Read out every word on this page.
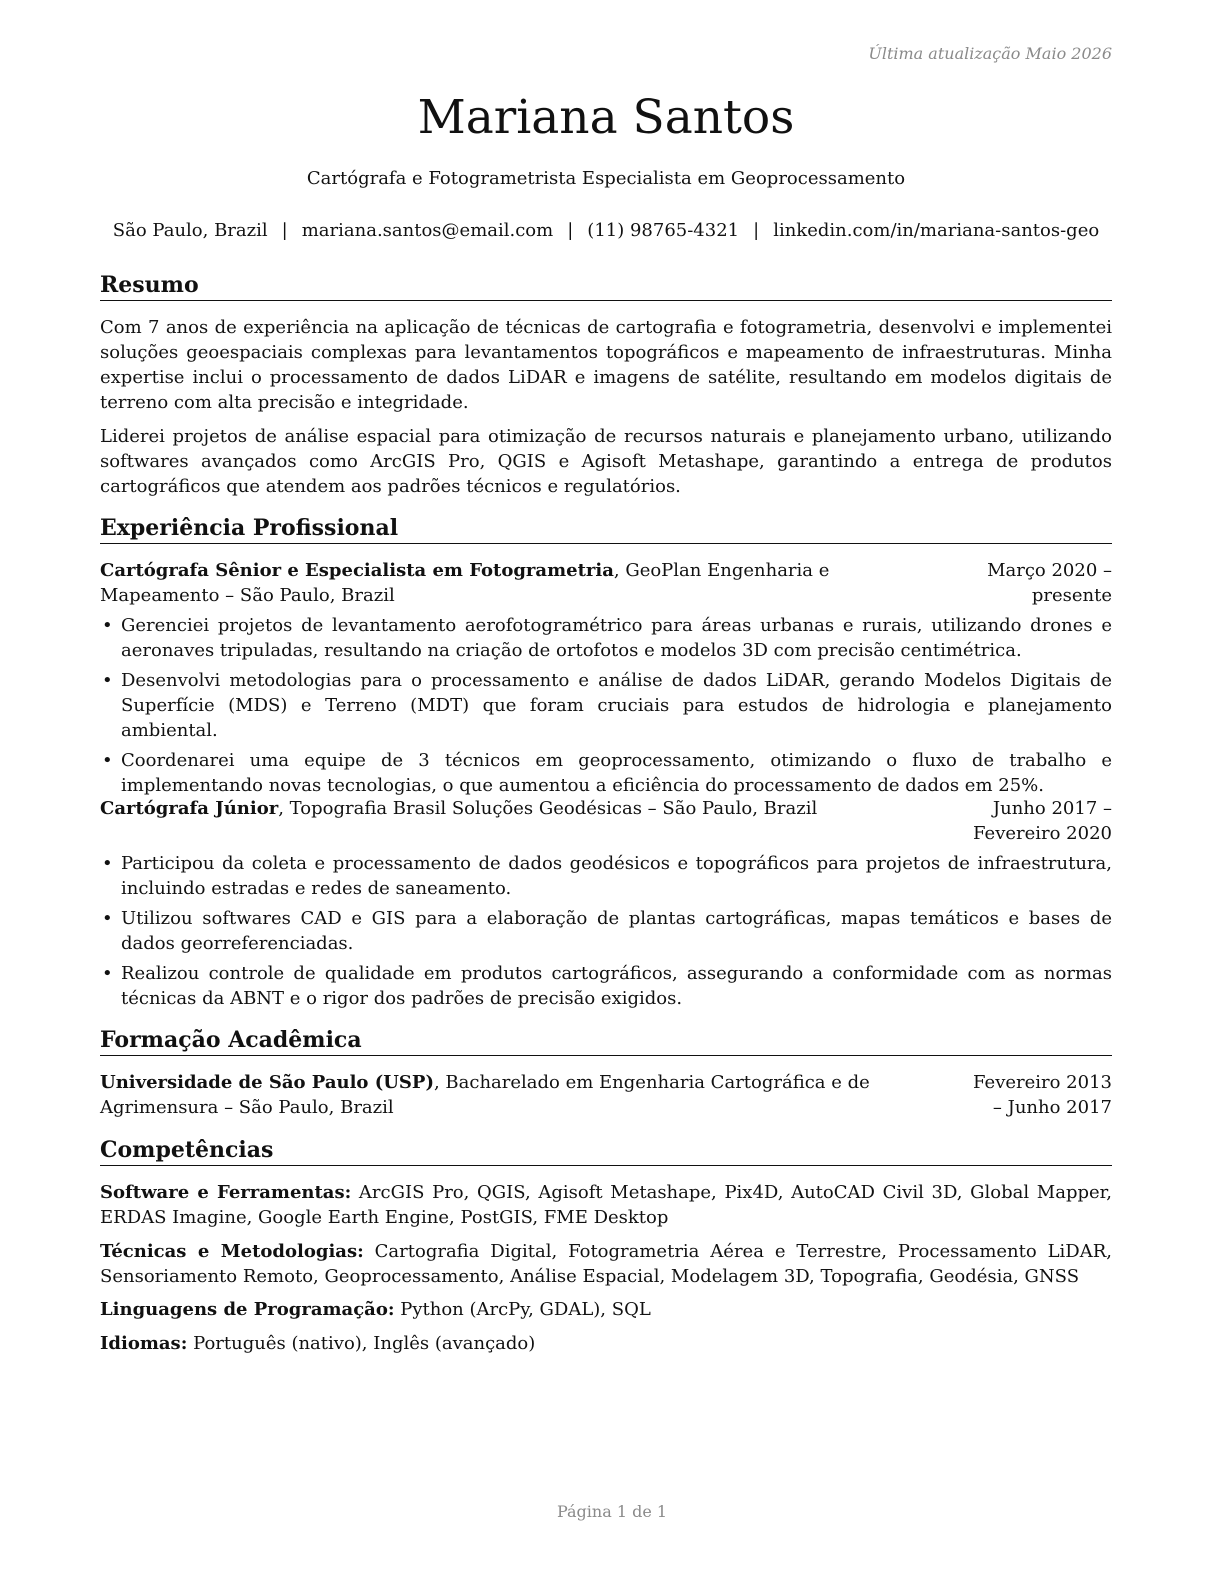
Última atualização Maio 2026
Mariana Santos
Cartógrafa e Fotogrametrista Especialista em Geoprocessamento
São Paulo, Brazil | mariana.santos@email.com | (11) 98765-4321 | linkedin.com/in/mariana-santos-geo
Resumo
Com 7 anos de experiência na aplicação de técnicas de cartografia e fotogrametria, desenvolvi e implementei soluções geoespaciais complexas para levantamentos topográficos e mapeamento de infraestruturas. Minha expertise inclui o processamento de dados LiDAR e imagens de satélite, resultando em modelos digitais de terreno com alta precisão e integridade.
Liderei projetos de análise espacial para otimização de recursos naturais e planejamento urbano, utilizando softwares avançados como ArcGIS Pro, QGIS e Agisoft Metashape, garantindo a entrega de produtos cartográficos que atendem aos padrões técnicos e regulatórios.
Experiência Profissional
Cartógrafa Sênior e Especialista em Fotogrametria, GeoPlan Engenharia e Mapeamento – São Paulo, Brazil
Março 2020 – presente
• Gerenciei projetos de levantamento aerofotogramétrico para áreas urbanas e rurais, utilizando drones e aeronaves tripuladas, resultando na criação de ortofotos e modelos 3D com precisão centimétrica.
• Desenvolvi metodologias para o processamento e análise de dados LiDAR, gerando Modelos Digitais de Superfície (MDS) e Terreno (MDT) que foram cruciais para estudos de hidrologia e planejamento ambiental.
• Coordenarei uma equipe de 3 técnicos em geoprocessamento, otimizando o fluxo de trabalho e implementando novas tecnologias, o que aumentou a eficiência do processamento de dados em 25%.
Cartógrafa Júnior, Topografia Brasil Soluções Geodésicas – São Paulo, Brazil	Junho 2017 – Fevereiro 2020
• Participou da coleta e processamento de dados geodésicos e topográficos para projetos de infraestrutura, incluindo estradas e redes de saneamento.
• Utilizou softwares CAD e GIS para a elaboração de plantas cartográficas, mapas temáticos e bases de dados georreferenciadas.
• Realizou controle de qualidade em produtos cartográficos, assegurando a conformidade com as normas técnicas da ABNT e o rigor dos padrões de precisão exigidos.
Formação Acadêmica
Universidade de São Paulo (USP), Bacharelado em Engenharia Cartográfica e de Agrimensura – São Paulo, Brazil
Fevereiro 2013 – Junho 2017
Competências
Software e Ferramentas: ArcGIS Pro, QGIS, Agisoft Metashape, Pix4D, AutoCAD Civil 3D, Global Mapper, ERDAS Imagine, Google Earth Engine, PostGIS, FME Desktop
Técnicas e Metodologias: Cartografia Digital, Fotogrametria Aérea e Terrestre, Processamento LiDAR, Sensoriamento Remoto, Geoprocessamento, Análise Espacial, Modelagem 3D, Topografia, Geodésia, GNSS
Linguagens de Programação: Python (ArcPy, GDAL), SQL
Idiomas: Português (nativo), Inglês (avançado)
Página 1 de 1
